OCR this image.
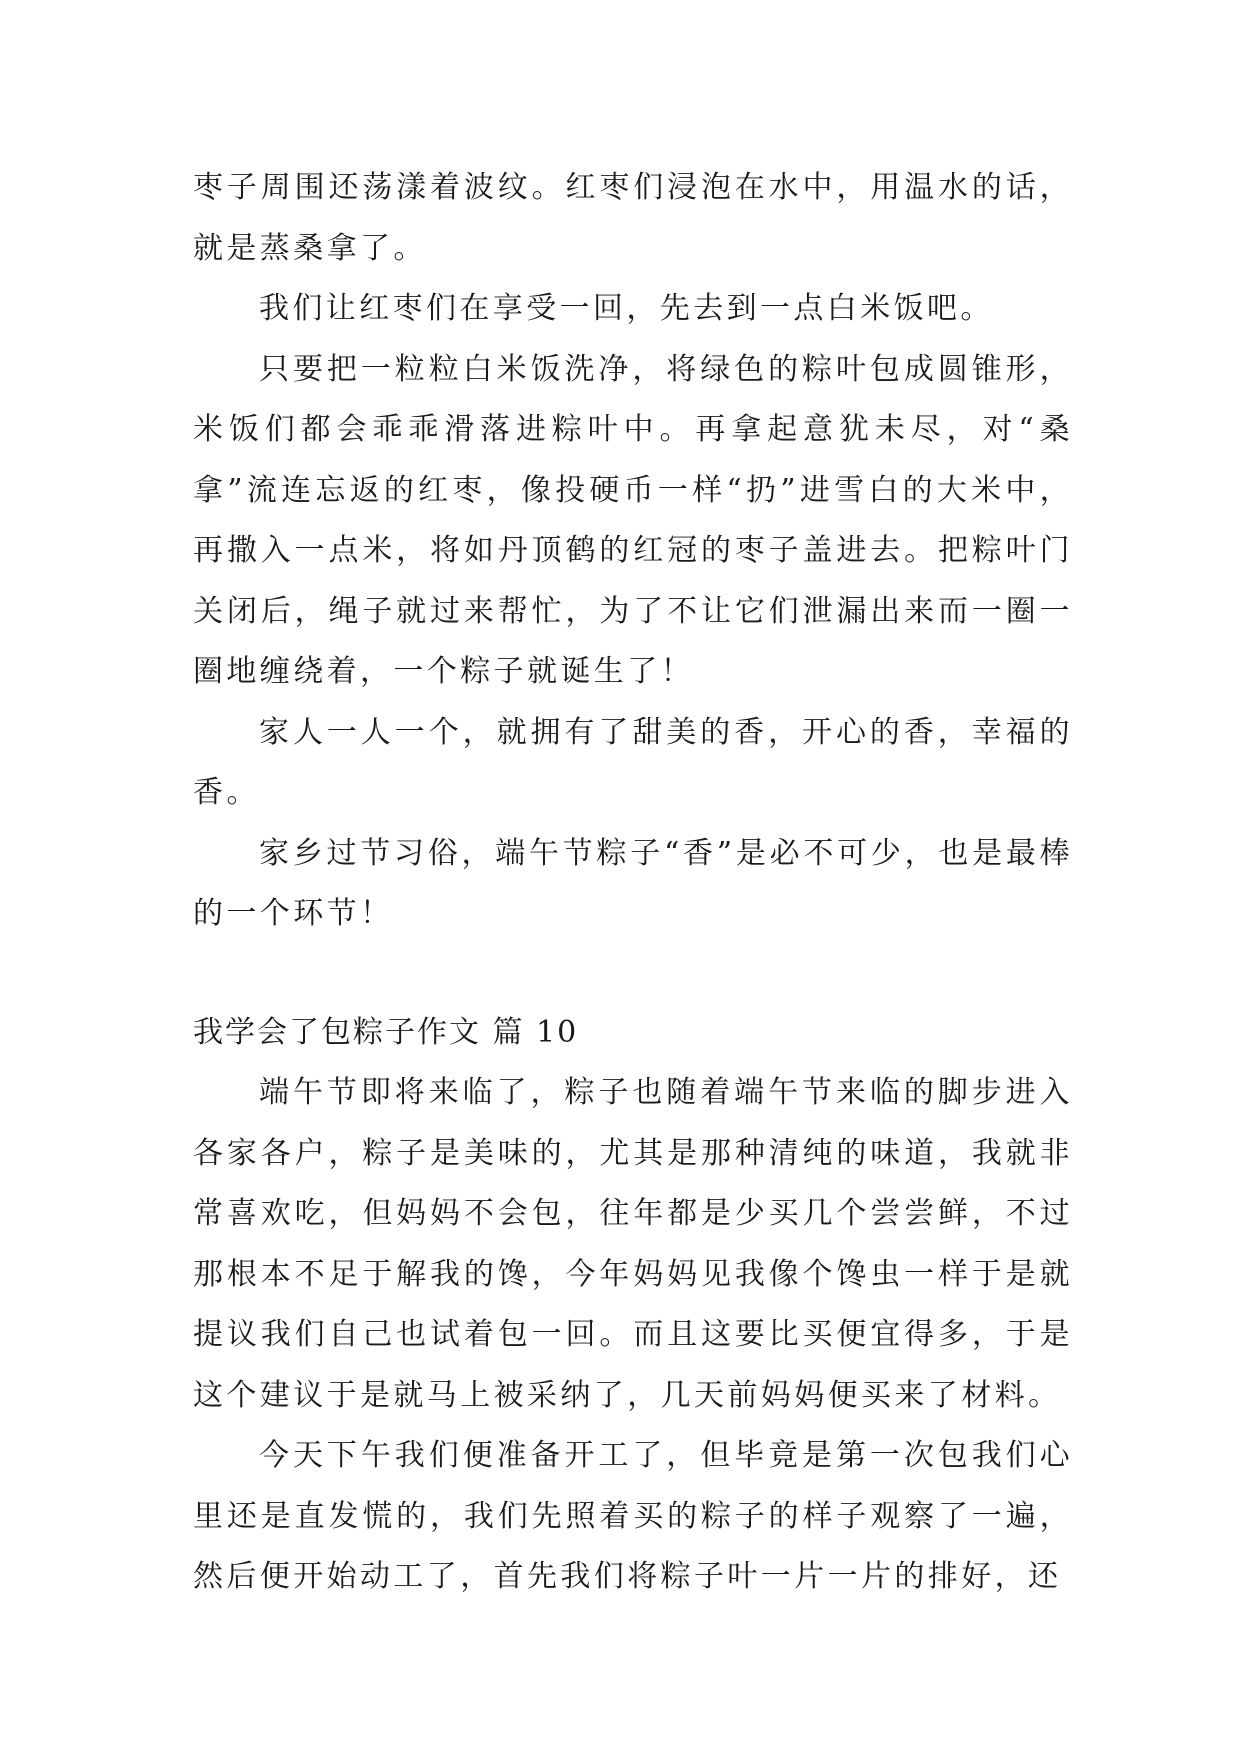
枣子周围还荡漾着波纹。红枣们浸泡在水中，用温水的话，就是蒸桑拿了。

我们让红枣们在享受一回，先去到一点白米饭吧。

只要把一粒粒白米饭洗净，将绿色的粽叶包成圆锥形，米饭们都会乖乖滑落进粽叶中。再拿起意犹未尽，对“桑拿”流连忘返的红枣，像投硬币一样“扔”进雪白的大米中，再撒入一点米，将如丹顶鹤的红冠的枣子盖进去。把粽叶门关闭后，绳子就过来帮忙，为了不让它们泄漏出来而一圈一圈地缠绕着，一个粽子就诞生了！

家人一人一个，就拥有了甜美的香，开心的香，幸福的香。

家乡过节习俗，端午节粽子“香”是必不可少，也是最棒的一个环节！

我学会了包粽子作文 篇 10

端午节即将来临了，粽子也随着端午节来临的脚步进入各家各户，粽子是美味的，尤其是那种清纯的味道，我就非常喜欢吃，但妈妈不会包，往年都是少买几个尝尝鲜，不过那根本不足于解我的馋，今年妈妈见我像个馋虫一样于是就提议我们自己也试着包一回。而且这要比买便宜得多，于是这个建议于是就马上被采纳了，几天前妈妈便买来了材料。

今天下午我们便准备开工了，但毕竟是第一次包我们心里还是直发慌的，我们先照着买的粽子的样子观察了一遍，然后便开始动工了，首先我们将粽子叶一片一片的排好，还
